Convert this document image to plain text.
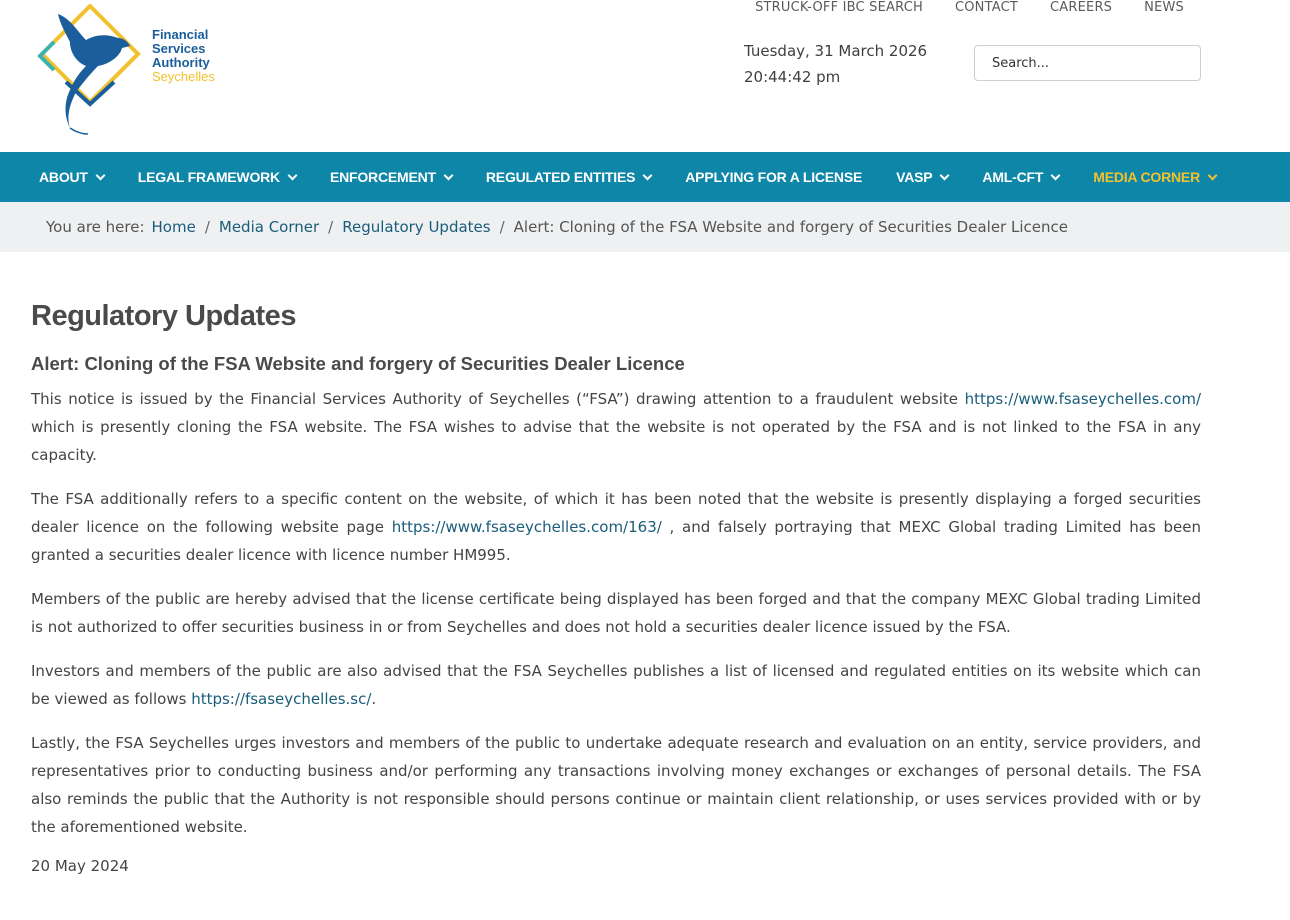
Financial
Services
Authority
Seychelles
STRUCK-OFF IBC SEARCH CONTACT CAREERS NEWS
Tuesday, 31 March 2026
20:44:42 pm
Search...
ABOUT	LEGAL FRAMEWORK	ENFORCEMENT	REGULATED ENTITIES	APPLYING FOR A LICENSE VASP	AML-CFT	MEDIA CORNER
You are here: Home / Media Corner / Regulatory Updates / Alert: Cloning of the FSA Website and forgery of Securities Dealer Licence
Regulatory Updates
Alert: Cloning of the FSA Website and forgery of Securities Dealer Licence

This notice is issued by the Financial Services Authority of Seychelles (“FSA”) drawing attention to a fraudulent website https://www.fsaseychelles.com/ which is presently cloning the FSA website. The FSA wishes to advise that the website is not operated by the FSA and is not linked to the FSA in any capacity.

The FSA additionally refers to a specific content on the website, of which it has been noted that the website is presently displaying a forged securities dealer licence on the following website page https://www.fsaseychelles.com/163/ , and falsely portraying that MEXC Global trading Limited has been granted a securities dealer licence with licence number HM995.

Members of the public are hereby advised that the license certificate being displayed has been forged and that the company MEXC Global trading Limited is not authorized to offer securities business in or from Seychelles and does not hold a securities dealer licence issued by the FSA.

Investors and members of the public are also advised that the FSA Seychelles publishes a list of licensed and regulated entities on its website which can be viewed as follows https://fsaseychelles.sc/.

Lastly, the FSA Seychelles urges investors and members of the public to undertake adequate research and evaluation on an entity, service providers, and representatives prior to conducting business and/or performing any transactions involving money exchanges or exchanges of personal details. The FSA also reminds the public that the Authority is not responsible should persons continue or maintain client relationship, or uses services provided with or by the aforementioned website.

20 May 2024
